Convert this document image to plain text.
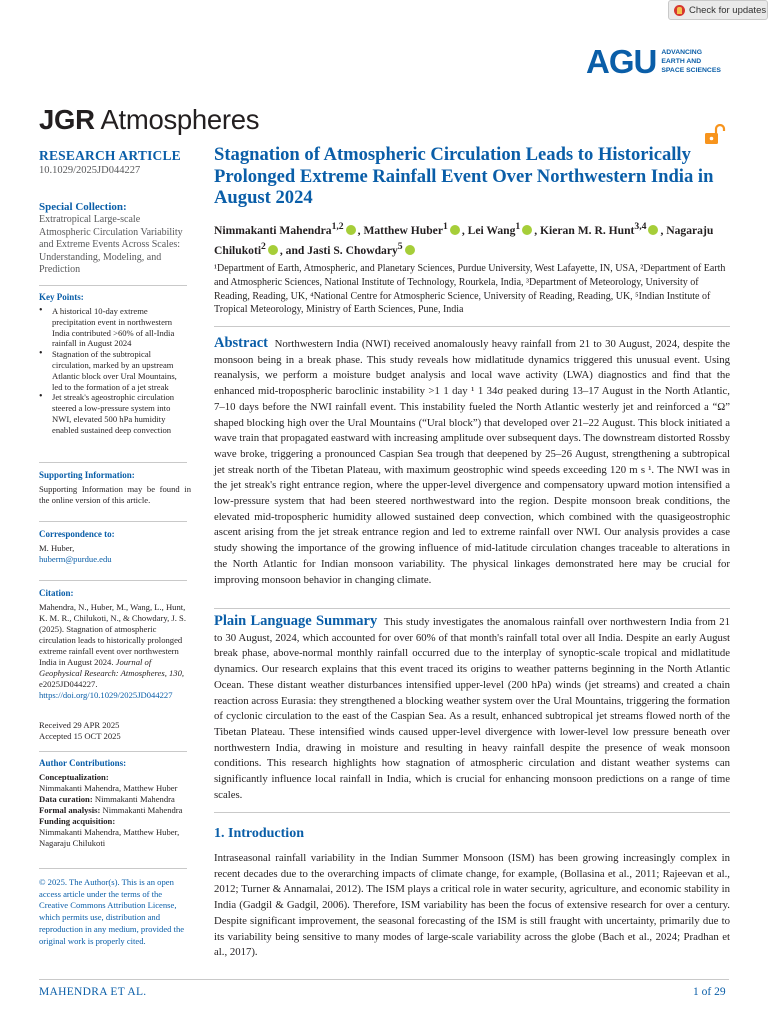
Check for updates
AGU ADVANCING
EARTH AND
SPACE SCIENCES
JGR Atmospheres
RESEARCH ARTICLE
10.1029/2025JD044227
Special Collection:
Extratropical Large-scale Atmospheric Circulation Variability and Extreme Events Across Scales: Understanding, Modeling, and Prediction
Key Points:
• A historical 10-day extreme precipitation event in northwestern India contributed >60% of all-India rainfall in August 2024
• Stagnation of the subtropical circulation, marked by an upstream Atlantic block over Ural Mountains, led to the formation of a jet streak
• Jet streak's ageostrophic circulation steered a low-pressure system into NWI, elevated 500 hPa humidity enabled sustained deep convection
Supporting Information:
Supporting Information may be found in the online version of this article.
Correspondence to:
M. Huber,
huberm@purdue.edu
Citation:
Mahendra, N., Huber, M., Wang, L., Hunt, K. M. R., Chilukoti, N., & Chowdary, J. S. (2025). Stagnation of atmospheric circulation leads to historically prolonged extreme rainfall event over northwestern India in August 2024. Journal of Geophysical Research: Atmospheres, 130, e2025JD044227. https://doi.org/10.1029/2025JD044227
Received 29 APR 2025
Accepted 15 OCT 2025
Author Contributions:
Conceptualization:
Nimmakanti Mahendra, Matthew Huber
Data curation: Nimmakanti Mahendra
Formal analysis: Nimmakanti Mahendra
Funding acquisition:
Nimmakanti Mahendra, Matthew Huber, Nagaraju Chilukoti
© 2025. The Author(s). This is an open access article under the terms of the Creative Commons Attribution License, which permits use, distribution and reproduction in any medium, provided the original work is properly cited.
Stagnation of Atmospheric Circulation Leads to Historically Prolonged Extreme Rainfall Event Over Northwestern India in August 2024
Nimmakanti Mahendra$^{1,2}$ , Matthew Huber$^1$ , Lei Wang$^1$ , Kieran M. R. Hunt$^{3,4}$ , Nagaraju Chilukoti$^2$ , and Jasti S. Chowdary$^5$
¹Department of Earth, Atmospheric, and Planetary Sciences, Purdue University, West Lafayette, IN, USA, ²Department of Earth and Atmospheric Sciences, National Institute of Technology, Rourkela, India, ³Department of Meteorology, University of Reading, Reading, UK, ⁴National Centre for Atmospheric Science, University of Reading, Reading, UK, ⁵Indian Institute of Tropical Meteorology, Ministry of Earth Sciences, Pune, India
Abstract Northwestern India (NWI) received anomalously heavy rainfall from 21 to 30 August, 2024, despite the monsoon being in a break phase. This study reveals how midlatitude dynamics triggered this unusual event. Using reanalysis, we perform a moisture budget analysis and local wave activity (LWA) diagnostics and find that the enhanced mid-tropospheric baroclinic instability >1 1 day ¹ 1 34σ peaked during 13–17 August in the North Atlantic, 7–10 days before the NWI rainfall event. This instability fueled the North Atlantic westerly jet and reinforced a “Ω” shaped blocking high over the Ural Mountains (“Ural block”) that developed over 21–22 August. This block initiated a wave train that propagated eastward with increasing amplitude over subsequent days. The downstream distorted Rossby wave broke, triggering a pronounced Caspian Sea trough that deepened by 25–26 August, strengthening a subtropical jet streak north of the Tibetan Plateau, with maximum geostrophic wind speeds exceeding 120 m s ¹. The NWI was in the jet streak's right entrance region, where the upper-level divergence and compensatory upward motion intensified a low-pressure system that had been steered northwestward into the region. Despite monsoon break conditions, the elevated mid-tropospheric humidity allowed sustained deep convection, which combined with the quasigeostrophic ascent arising from the jet streak entrance region and led to extreme rainfall over NWI. Our analysis provides a case study showing the importance of the growing influence of mid-latitude circulation changes traceable to alterations in the North Atlantic for Indian monsoon variability. The physical linkages demonstrated here may be crucial for improving monsoon behavior in changing climate.
Plain Language Summary This study investigates the anomalous rainfall over northwestern India from 21 to 30 August, 2024, which accounted for over 60% of that month's rainfall total over all India. Despite an early August break phase, above-normal monthly rainfall occurred due to the interplay of synoptic-scale tropical and midlatitude dynamics. Our research explains that this event traced its origins to weather patterns beginning in the North Atlantic Ocean. These distant weather disturbances intensified upper-level (200 hPa) winds (jet streams) and created a chain reaction across Eurasia: they strengthened a blocking weather system over the Ural Mountains, triggering the formation of cyclonic circulation to the east of the Caspian Sea. As a result, enhanced subtropical jet streams flowed north of the Tibetan Plateau. These intensified winds caused upper-level divergence with lower-level low pressure beneath over northwestern India, drawing in moisture and resulting in heavy rainfall despite the presence of weak monsoon conditions. This research highlights how stagnation of atmospheric circulation and distant weather systems can significantly influence local rainfall in India, which is crucial for enhancing monsoon predictions on a range of time scales.
1. Introduction
Intraseasonal rainfall variability in the Indian Summer Monsoon (ISM) has been growing increasingly complex in recent decades due to the overarching impacts of climate change, for example, (Bollasina et al., 2011; Rajeevan et al., 2012; Turner & Annamalai, 2012). The ISM plays a critical role in water security, agriculture, and economic stability in India (Gadgil & Gadgil, 2006). Therefore, ISM variability has been the focus of extensive research for over a century. Despite significant improvement, the seasonal forecasting of the ISM is still fraught with uncertainty, primarily due to its variability being sensitive to many modes of large-scale variability across the globe (Bach et al., 2024; Pradhan et al., 2017).
MAHENDRA ET AL.	1 of 29
